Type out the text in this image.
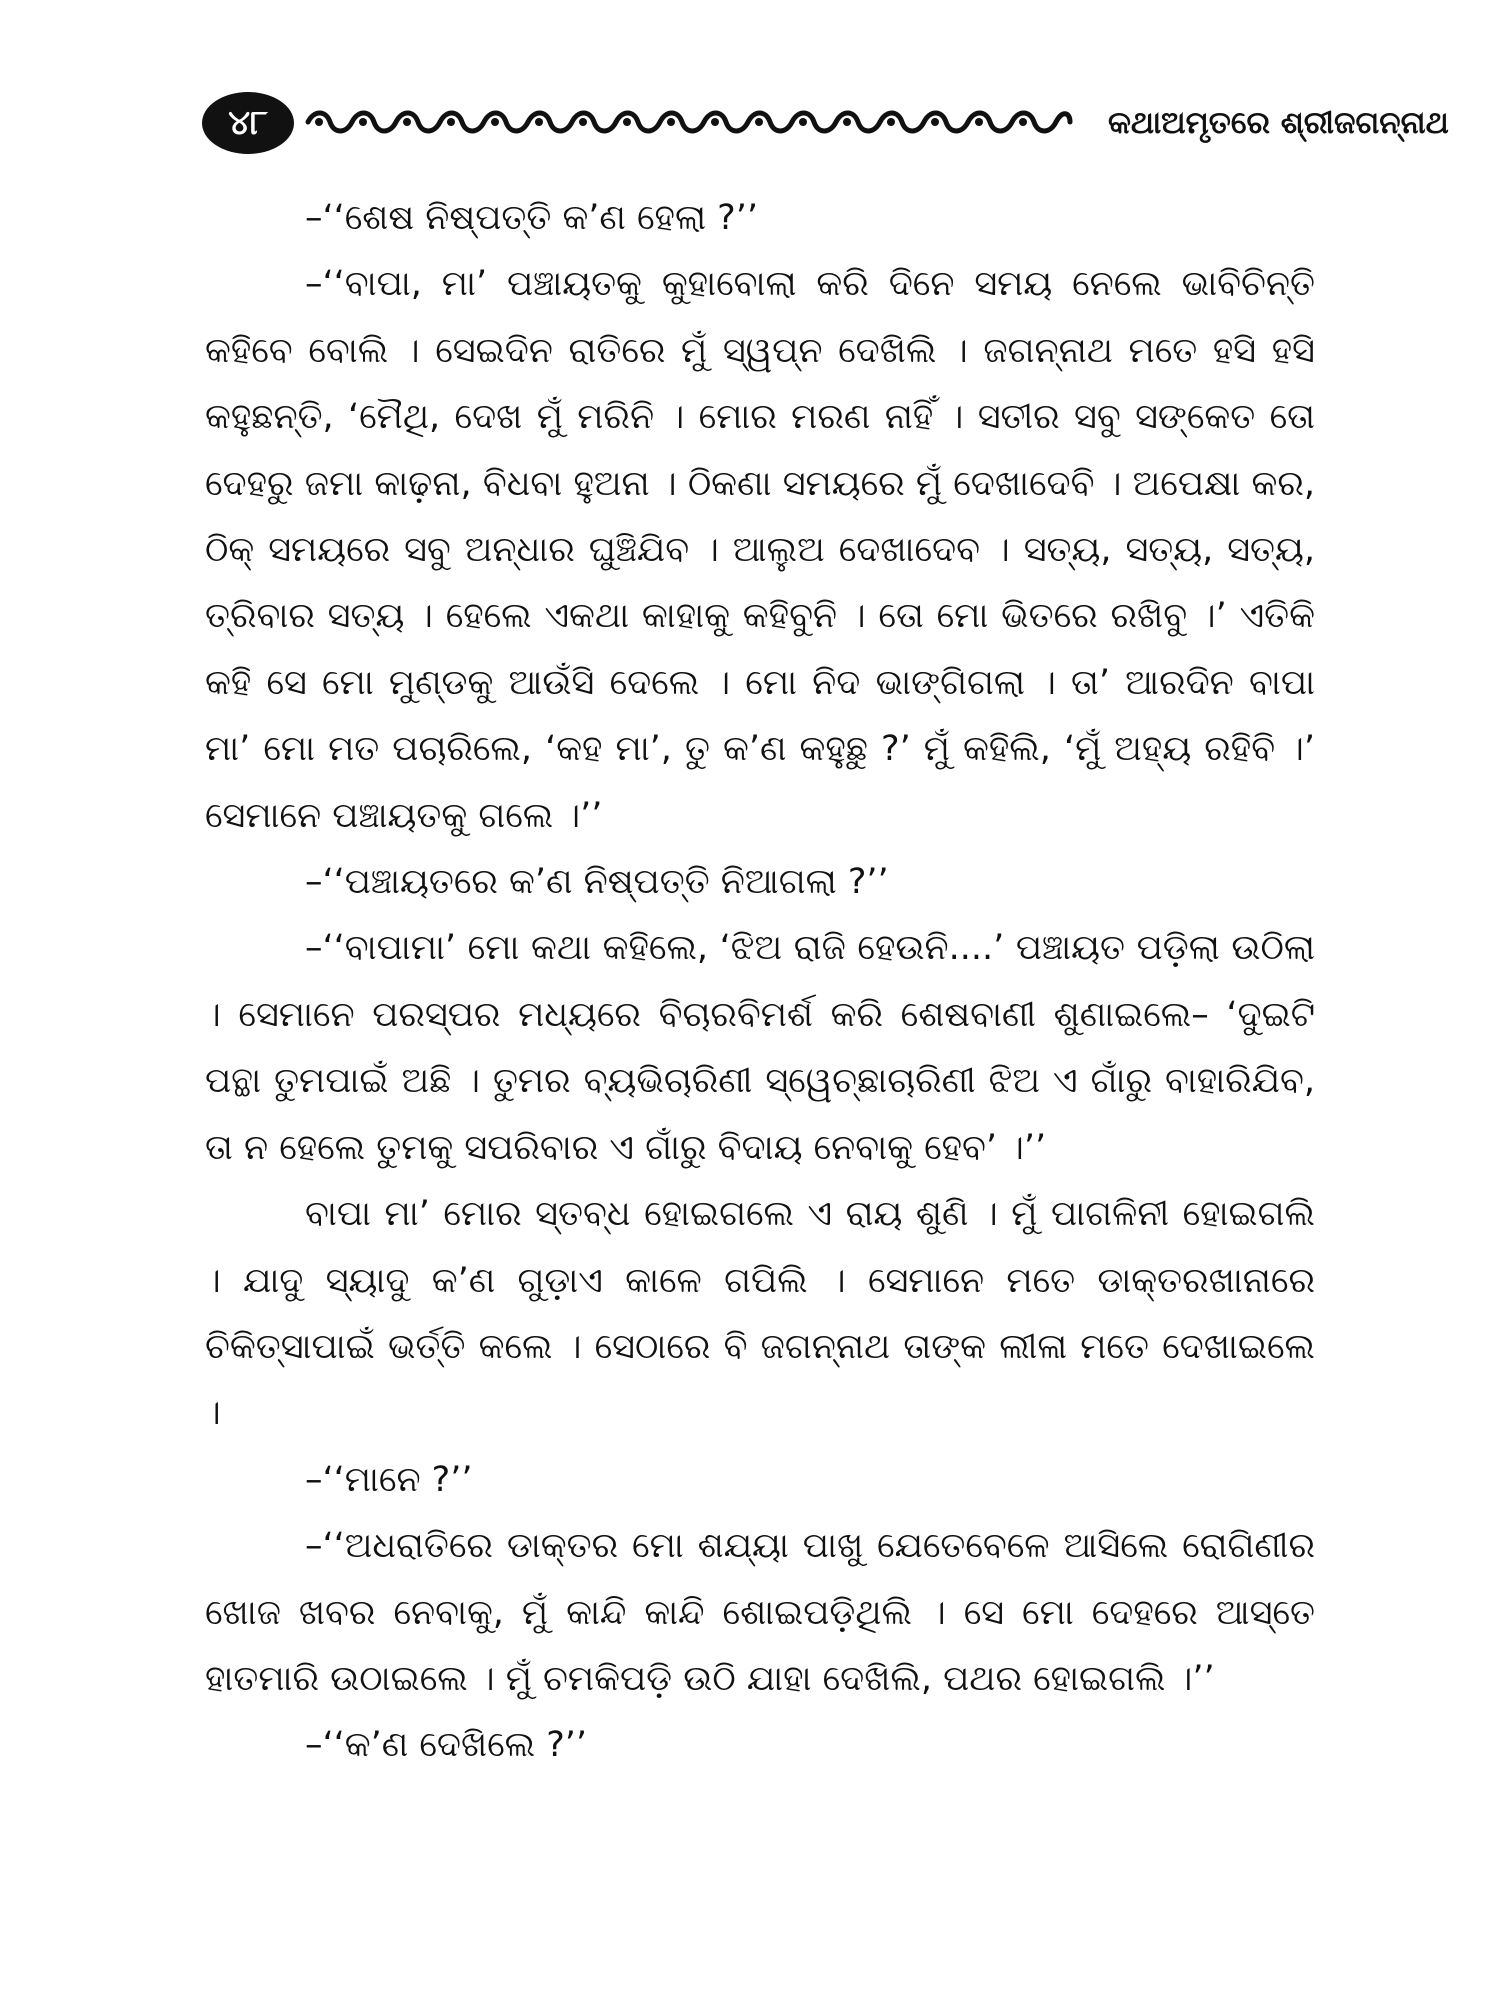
୪୮	କଥାଅମୃତରେ ଶ୍ରୀଜଗନ୍ନାଥ

–‘‘ଶେଷ ନିଷ୍ପତ୍ତି କ’ଣ ହେଲା ?’’

–‘‘ବାପା, ମା’ ପଞ୍ଚାୟତକୁ କୁହାବୋଲା କରି ଦିନେ ସମୟ ନେଲେ ଭାବିଚିନ୍ତି କହିବେ ବୋଲି । ସେଇଦିନ ରାତିରେ ମୁଁ ସ୍ୱପ୍ନ ଦେଖିଲି । ଜଗନ୍ନାଥ ମତେ ହସି ହସି କହୁଛନ୍ତି, ‘ମୈଥି, ଦେଖ ମୁଁ ମରିନି । ମୋର ମରଣ ନାହିଁ । ସତୀର ସବୁ ସଙ୍କେତ ତୋ ଦେହରୁ ଜମା କାଢ଼ନା, ବିଧବା ହୁଅନା । ଠିକଣା ସମୟରେ ମୁଁ ଦେଖାଦେବି । ଅପେକ୍ଷା କର, ଠିକ୍ ସମୟରେ ସବୁ ଅନ୍ଧାର ଘୁଞ୍ଚିଯିବ । ଆଲୁଅ ଦେଖାଦେବ । ସତ୍ୟ, ସତ୍ୟ, ସତ୍ୟ, ତ୍ରିବାର ସତ୍ୟ । ହେଲେ ଏକଥା କାହାକୁ କହିବୁନି । ତୋ ମୋ ଭିତରେ ରଖିବୁ ।’ ଏତିକି କହି ସେ ମୋ ମୁଣ୍ଡକୁ ଆଉଁସି ଦେଲେ । ମୋ ନିଦ ଭାଙ୍ଗିଗଲା । ତା’ ଆରଦିନ ବାପା ମା’ ମୋ ମତ ପଚାରିଲେ, ‘କହ ମା’, ତୁ କ’ଣ କହୁଛୁ ?’ ମୁଁ କହିଲି, ‘ମୁଁ ଅହ୍ୟ ରହିବି ।’ ସେମାନେ ପଞ୍ଚାୟତକୁ ଗଲେ ।’’

–‘‘ପଞ୍ଚାୟତରେ କ’ଣ ନିଷ୍ପତ୍ତି ନିଆଗଲା ?’’

–‘‘ବାପାମା’ ମୋ କଥା କହିଲେ, ‘ଝିଅ ରାଜି ହେଉନି....’ ପଞ୍ଚାୟତ ପଡ଼ିଲା ଉଠିଲା । ସେମାନେ ପରସ୍ପର ମଧ୍ୟରେ ବିଚାରବିମର୍ଶ କରି ଶେଷବାଣୀ ଶୁଣାଇଲେ– ‘ଦୁଇଟି ପନ୍ଥା ତୁମପାଇଁ ଅଛି । ତୁମର ବ୍ୟଭିଚାରିଣୀ ସ୍ୱେଚ୍ଛାଚାରିଣୀ ଝିଅ ଏ ଗାଁରୁ ବାହାରିଯିବ, ତା ନ ହେଲେ ତୁମକୁ ସପରିବାର ଏ ଗାଁରୁ ବିଦାୟ ନେବାକୁ ହେବ’ ।’’

ବାପା ମା’ ମୋର ସ୍ତବ୍ଧ ହୋଇଗଲେ ଏ ରାୟ ଶୁଣି । ମୁଁ ପାଗଳିନୀ ହୋଇଗଲି । ଯାଦୁ ସ୍ୟାଦୁ କ’ଣ ଗୁଡ଼ାଏ କାଳେ ଗପିଲି । ସେମାନେ ମତେ ଡାକ୍ତରଖାନାରେ ଚିକିତ୍ସାପାଇଁ ଭର୍ତ୍ତି କଲେ । ସେଠାରେ ବି ଜଗନ୍ନାଥ ତାଙ୍କ ଲୀଳା ମତେ ଦେଖାଇଲେ ।

–‘‘ମାନେ ?’’

–‘‘ଅଧରାତିରେ ଡାକ୍ତର ମୋ ଶଯ୍ୟା ପାଖୁ ଯେତେବେଳେ ଆସିଲେ ରୋଗିଣୀର ଖୋଜ ଖବର ନେବାକୁ, ମୁଁ କାନ୍ଦି କାନ୍ଦି ଶୋଇପଡ଼ିଥିଲି । ସେ ମୋ ଦେହରେ ଆସ୍ତେ ହାତମାରି ଉଠାଇଲେ । ମୁଁ ଚମକିପଡ଼ି ଉଠି ଯାହା ଦେଖିଲି, ପଥର ହୋଇଗଲି ।’’

–‘‘କ’ଣ ଦେଖିଲେ ?’’
